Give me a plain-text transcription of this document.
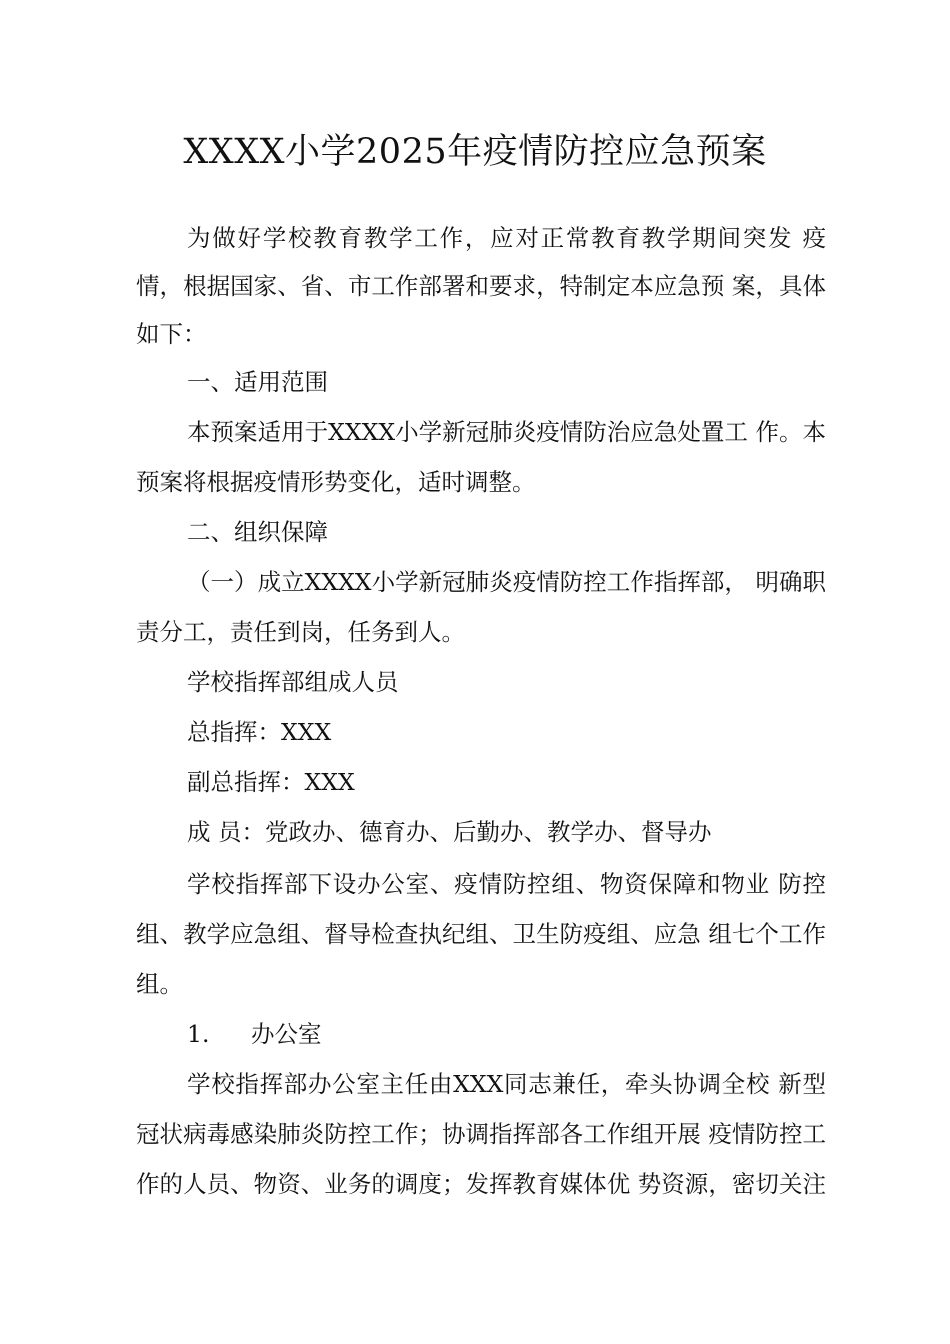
XXXX小学2025年疫情防控应急预案
为做好学校教育教学工作，应对正常教育教学期间突发 疫
情，根据国家、省、市工作部署和要求，特制定本应急预 案，具体
如下：
一、适用范围
本预案适用于XXXX小学新冠肺炎疫情防治应急处置工 作。本
预案将根据疫情形势变化，适时调整。
二、组织保障
（一）成立XXXX小学新冠肺炎疫情防控工作指挥部， 明确职
责分工，责任到岗，任务到人。
学校指挥部组成人员
总指挥：XXX
副总指挥：XXX
成 员：党政办、德育办、后勤办、教学办、督导办
学校指挥部下设办公室、疫情防控组、物资保障和物业 防控
组、教学应急组、督导检查执纪组、卫生防疫组、应急 组七个工作
组。
1. 办公室
学校指挥部办公室主任由XXX同志兼任，牵头协调全校 新型
冠状病毒感染肺炎防控工作；协调指挥部各工作组开展 疫情防控工
作的人员、物资、业务的调度；发挥教育媒体优 势资源，密切关注
